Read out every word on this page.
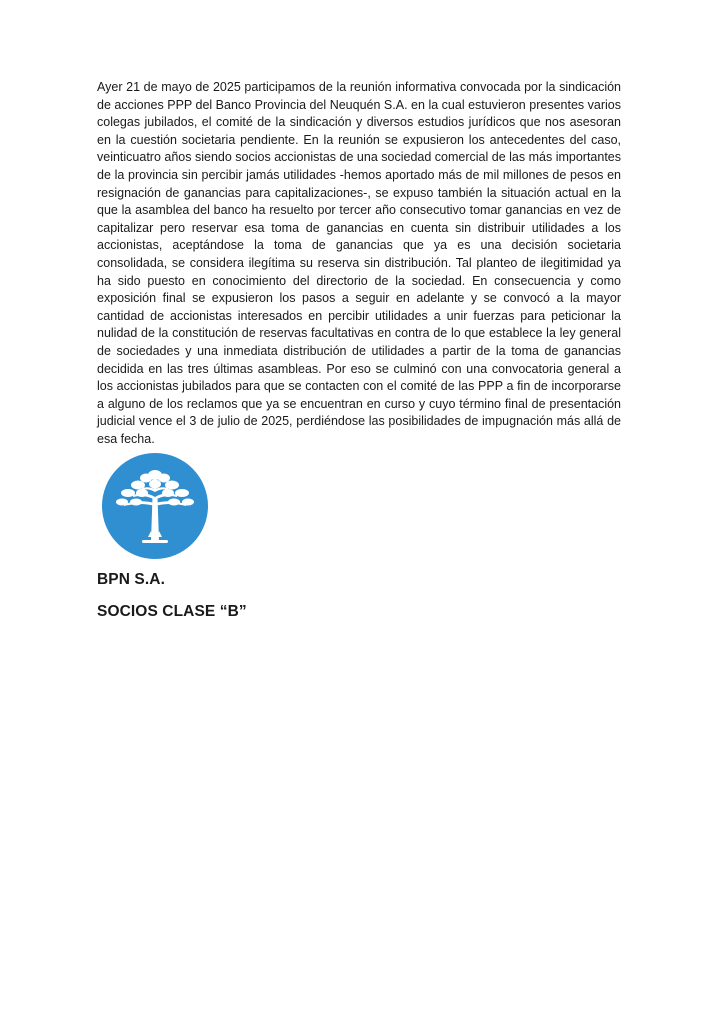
Ayer 21 de mayo de 2025 participamos de la reunión informativa convocada por la sindicación de acciones PPP del Banco Provincia del Neuquén S.A. en la cual estuvieron presentes varios colegas jubilados, el comité de la sindicación y diversos estudios jurídicos que nos asesoran en la cuestión societaria pendiente. En la reunión se expusieron los antecedentes del caso, veinticuatro años siendo socios accionistas de una sociedad comercial de las más importantes de la provincia sin percibir jamás utilidades -hemos aportado más de mil millones de pesos en resignación de ganancias para capitalizaciones-, se expuso también la situación actual en la que la asamblea del banco ha resuelto por tercer año consecutivo tomar ganancias en vez de capitalizar pero reservar esa toma de ganancias en cuenta sin distribuir utilidades a los accionistas, aceptándose la toma de ganancias que ya es una decisión societaria consolidada, se considera ilegítima su reserva sin distribución. Tal planteo de ilegitimidad ya ha sido puesto en conocimiento del directorio de la sociedad. En consecuencia y como exposición final se expusieron los pasos a seguir en adelante y se convocó a la mayor cantidad de accionistas interesados en percibir utilidades a unir fuerzas para peticionar la nulidad de la constitución de reservas facultativas en contra de lo que establece la ley general de sociedades y una inmediata distribución de utilidades a partir de la toma de ganancias decidida en las tres últimas asambleas. Por eso se culminó con una convocatoria general a los accionistas jubilados para que se contacten con el comité de las PPP a fin de incorporarse a alguno de los reclamos que ya se encuentran en curso y cuyo término final de presentación judicial vence el 3 de julio de 2025, perdiéndose las posibilidades de impugnación más allá de esa fecha.

BPN S.A.

SOCIOS CLASE “B”
